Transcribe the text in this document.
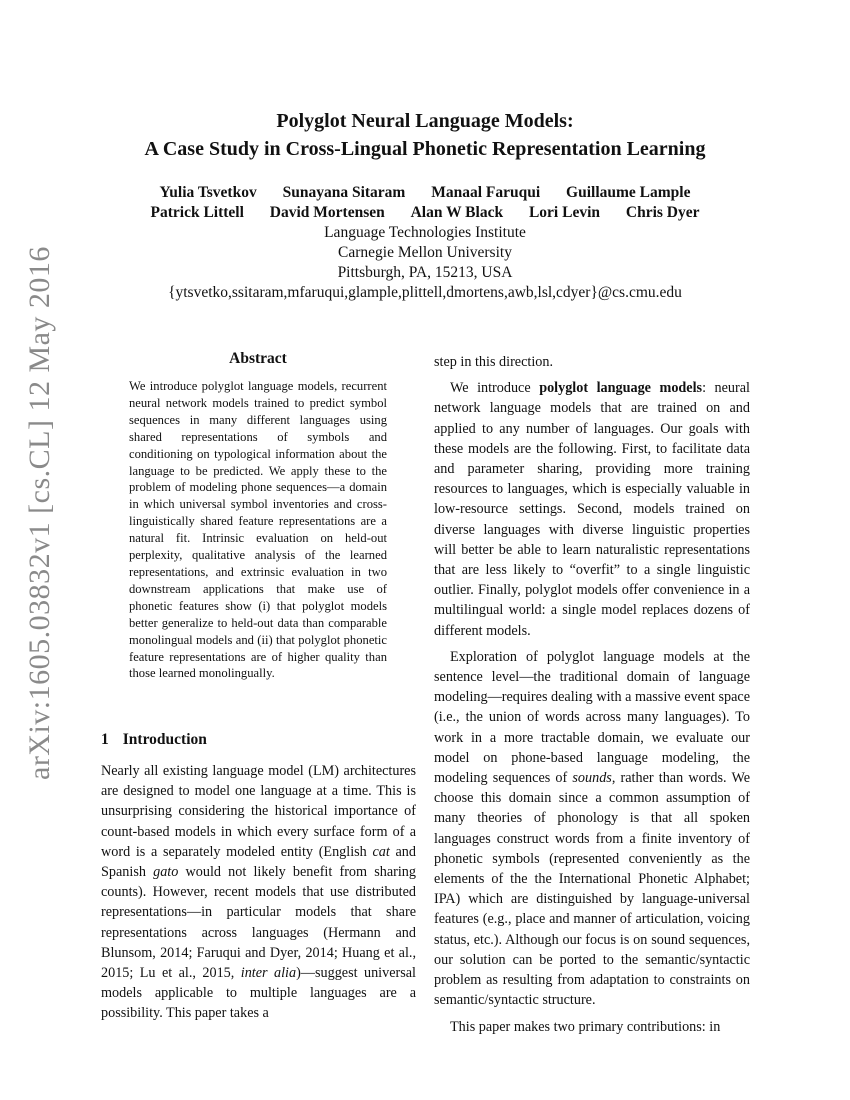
arXiv:1605.03832v1 [cs.CL] 12 May 2016
Polyglot Neural Language Models:
A Case Study in Cross-Lingual Phonetic Representation Learning
Yulia Tsvetkov Sunayana Sitaram Manaal Faruqui Guillaume Lample
Patrick Littell David Mortensen Alan W Black Lori Levin Chris Dyer
Language Technologies Institute
Carnegie Mellon University
Pittsburgh, PA, 15213, USA
{ytsvetko,ssitaram,mfaruqui,glample,plittell,dmortens,awb,lsl,cdyer}@cs.cmu.edu
Abstract
We introduce polyglot language models, recurrent neural network models trained to predict symbol sequences in many different languages using shared representations of symbols and conditioning on typological information about the language to be predicted. We apply these to the problem of modeling phone sequences—a domain in which universal symbol inventories and cross-linguistically shared feature representations are a natural fit. Intrinsic evaluation on held-out perplexity, qualitative analysis of the learned representations, and extrinsic evaluation in two downstream applications that make use of phonetic features show (i) that polyglot models better generalize to held-out data than comparable monolingual models and (ii) that polyglot phonetic feature representations are of higher quality than those learned monolingually.
1 Introduction

Nearly all existing language model (LM) architectures are designed to model one language at a time. This is unsurprising considering the historical importance of count-based models in which every surface form of a word is a separately modeled entity (English cat and Spanish gato would not likely benefit from sharing counts). However, recent models that use distributed representations—in particular models that share representations across languages (Hermann and Blunsom, 2014; Faruqui and Dyer, 2014; Huang et al., 2015; Lu et al., 2015, inter alia)—suggest universal models applicable to multiple languages are a possibility. This paper takes a

step in this direction.

We introduce polyglot language models: neural network language models that are trained on and applied to any number of languages. Our goals with these models are the following. First, to facilitate data and parameter sharing, providing more training resources to languages, which is especially valuable in low-resource settings. Second, models trained on diverse languages with diverse linguistic properties will better be able to learn naturalistic representations that are less likely to “overfit” to a single linguistic outlier. Finally, polyglot models offer convenience in a multilingual world: a single model replaces dozens of different models.

Exploration of polyglot language models at the sentence level—the traditional domain of language modeling—requires dealing with a massive event space (i.e., the union of words across many languages). To work in a more tractable domain, we evaluate our model on phone-based language modeling, the modeling sequences of sounds, rather than words. We choose this domain since a common assumption of many theories of phonology is that all spoken languages construct words from a finite inventory of phonetic symbols (represented conveniently as the elements of the the International Phonetic Alphabet; IPA) which are distinguished by language-universal features (e.g., place and manner of articulation, voicing status, etc.). Although our focus is on sound sequences, our solution can be ported to the semantic/syntactic problem as resulting from adaptation to constraints on semantic/syntactic structure.

This paper makes two primary contributions: in
